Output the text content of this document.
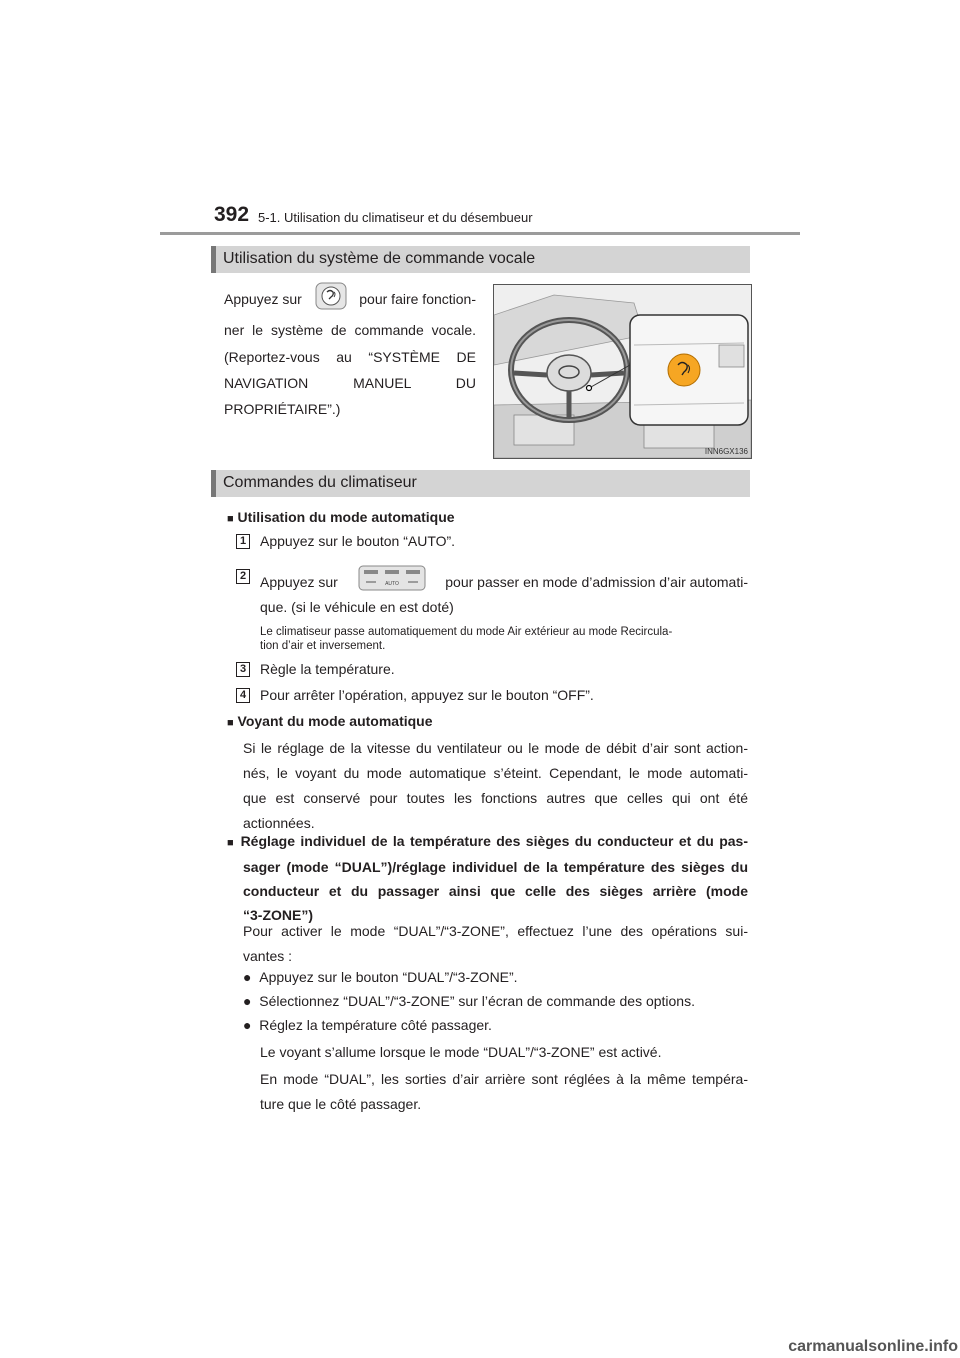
392 5-1. Utilisation du climatiseur et du désembueur
Utilisation du système de commande vocale
Appuyez sur	pour faire fonction-
ner le système de commande vocale.
(Reportez-vous au “SYSTÈME DE
NAVIGATION MANUEL DU
PROPRIÉTAIRE”.)
INN6GX136
Commandes du climatiseur
■ Utilisation du mode automatique
1 Appuyez sur le bouton “AUTO”.
2 Appuyez sur	AUTO	pour passer en mode d’admission d’air automati-
que. (si le véhicule en est doté)
Le climatiseur passe automatiquement du mode Air extérieur au mode Recircula-
tion d’air et inversement.
3 Règle la température.
4 Pour arrêter l’opération, appuyez sur le bouton “OFF”.
■ Voyant du mode automatique
Si le réglage de la vitesse du ventilateur ou le mode de débit d’air sont action-
nés, le voyant du mode automatique s’éteint. Cependant, le mode automati-
que est conservé pour toutes les fonctions autres que celles qui ont été
actionnées.
■ Réglage individuel de la température des sièges du conducteur et du pas-
sager (mode “DUAL”)/réglage individuel de la température des sièges du
conducteur et du passager ainsi que celle des sièges arrière (mode
“3-ZONE”)
Pour activer le mode “DUAL”/“3-ZONE”, effectuez l’une des opérations sui-
vantes :
● Appuyez sur le bouton “DUAL”/“3-ZONE”.
● Sélectionnez “DUAL”/“3-ZONE” sur l’écran de commande des options.
● Réglez la température côté passager.
Le voyant s’allume lorsque le mode “DUAL”/“3-ZONE” est activé.
En mode “DUAL”, les sorties d’air arrière sont réglées à la même tempéra-
ture que le côté passager.
carmanualsonline.info
